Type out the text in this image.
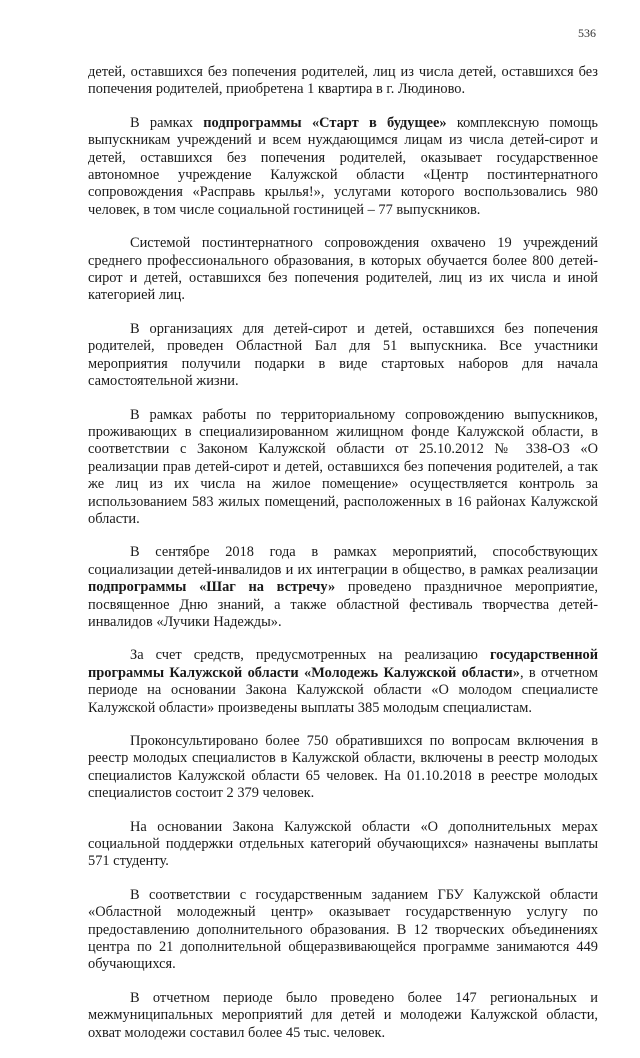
536

детей, оставшихся без попечения родителей, лиц из числа детей, оставшихся без попечения родителей, приобретена 1 квартира в г. Людиново.

В рамках подпрограммы «Старт в будущее» комплексную помощь выпускникам учреждений и всем нуждающимся лицам из числа детей-сирот и детей, оставшихся без попечения родителей, оказывает государственное автономное учреждение Калужской области «Центр постинтернатного сопровождения «Расправь крылья!», услугами которого воспользовались 980 человек, в том числе социальной гостиницей – 77 выпускников.

Системой постинтернатного сопровождения охвачено 19 учреждений среднего профессионального образования, в которых обучается более 800 детей-сирот и детей, оставшихся без попечения родителей, лиц из их числа и иной категорией лиц.

В организациях для детей-сирот и детей, оставшихся без попечения родителей, проведен Областной Бал для 51 выпускника. Все участники мероприятия получили подарки в виде стартовых наборов для начала самостоятельной жизни.

В рамках работы по территориальному сопровождению выпускников, проживающих в специализированном жилищном фонде Калужской области, в соответствии с Законом Калужской области от 25.10.2012 № 338-ОЗ «О реализации прав детей-сирот и детей, оставшихся без попечения родителей, а так же лиц из их числа на жилое помещение» осуществляется контроль за использованием 583 жилых помещений, расположенных в 16 районах Калужской области.

В сентябре 2018 года в рамках мероприятий, способствующих социализации детей-инвалидов и их интеграции в общество, в рамках реализации подпрограммы «Шаг на встречу» проведено праздничное мероприятие, посвященное Дню знаний, а также областной фестиваль творчества детей-инвалидов «Лучики Надежды».

За счет средств, предусмотренных на реализацию государственной программы Калужской области «Молодежь Калужской области», в отчетном периоде на основании Закона Калужской области «О молодом специалисте Калужской области» произведены выплаты 385 молодым специалистам.

Проконсультировано более 750 обратившихся по вопросам включения в реестр молодых специалистов в Калужской области, включены в реестр молодых специалистов Калужской области 65 человек. На 01.10.2018 в реестре молодых специалистов состоит 2 379 человек.

На основании Закона Калужской области «О дополнительных мерах социальной поддержки отдельных категорий обучающихся» назначены выплаты 571 студенту.

В соответствии с государственным заданием ГБУ Калужской области «Областной молодежный центр» оказывает государственную услугу по предоставлению дополнительного образования. В 12 творческих объединениях центра по 21 дополнительной общеразвивающейся программе занимаются 449 обучающихся.

В отчетном периоде было проведено более 147 региональных и межмуниципальных мероприятий для детей и молодежи Калужской области, охват молодежи составил более 45 тыс. человек.
